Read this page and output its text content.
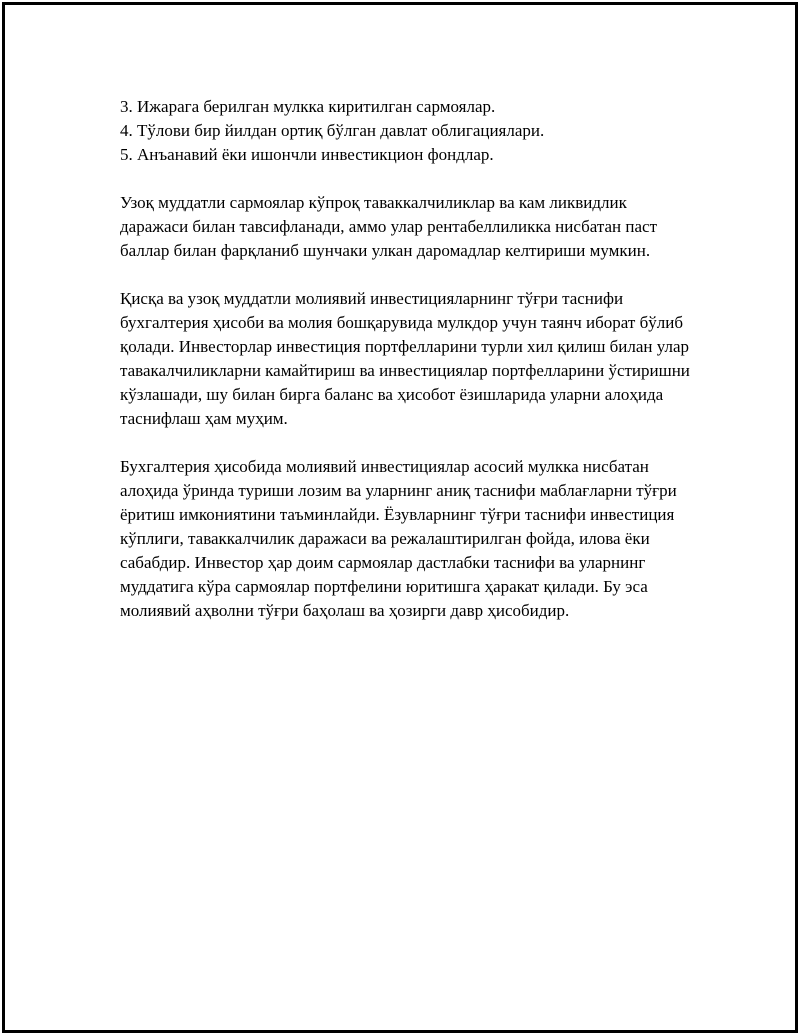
3. Ижарага берилган мулкка киритилган сармоялар.
4. Тўлови бир йилдан ортиқ бўлган давлат облигациялари.
5. Анъанавий ёки ишончли инвестикцион фондлар.

Узоқ муддатли сармоялар кўпроқ таваккалчиликлар ва кам ликвидлик даражаси билан тавсифланади, аммо улар рентабеллиликка нисбатан паст баллар билан фарқланиб шунчаки улкан даромадлар келтириши мумкин.

Қисқа ва узоқ муддатли молиявий инвестицияларнинг тўғри таснифи бухгалтерия ҳисоби ва молия бошқарувида мулкдор учун таянч иборат бўлиб қолади. Инвесторлар инвестиция портфелларини турли хил қилиш билан улар тавакалчиликларни камайтириш ва инвестициялар портфелларини ўстиришни кўзлашади, шу билан бирга баланс ва ҳисобот ёзишларида уларни алоҳида таснифлаш ҳам муҳим.

Бухгалтерия ҳисобида молиявий инвестициялар асосий мулкка нисбатан алоҳида ўринда туриши лозим ва уларнинг аниқ таснифи маблағларни тўғри ёритиш имкониятини таъминлайди. Ёзувларнинг тўғри таснифи инвестиция кўплиги, таваккалчилик даражаси ва режалаштирилган фойда, илова ёки сабабдир. Инвестор ҳар доим сармоялар дастлабки таснифи ва уларнинг муддатига кўра сармоялар портфелини юритишга ҳаракат қилади. Бу эса молиявий аҳволни тўғри баҳолаш ва ҳозирги давр ҳисобидир.
